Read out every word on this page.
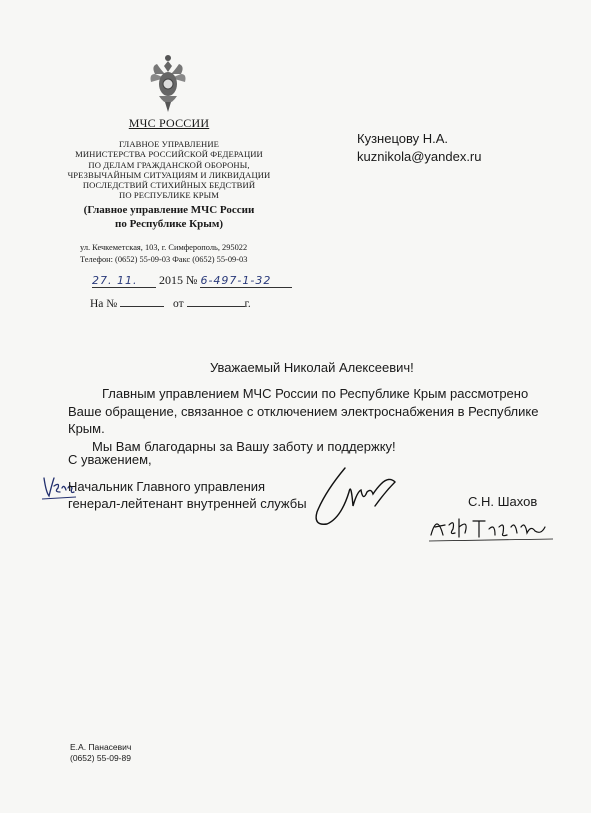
МЧС РОССИИ
ГЛАВНОЕ УПРАВЛЕНИЕ
МИНИСТЕРСТВА РОССИЙСКОЙ ФЕДЕРАЦИИ
ПО ДЕЛАМ ГРАЖДАНСКОЙ ОБОРОНЫ,
ЧРЕЗВЫЧАЙНЫМ СИТУАЦИЯМ И ЛИКВИДАЦИИ
ПОСЛЕДСТВИЙ СТИХИЙНЫХ БЕДСТВИЙ
ПО РЕСПУБЛИКЕ КРЫМ
(Главное управление МЧС России
по Республике Крым)
ул. Кечкеметская, 103, г. Симферополь, 295022
Телефон: (0652) 55-09-03 Факс (0652) 55-09-03
27. 11. 2015 № 6-497-1-32
На №	от	г.
Кузнецову Н.А.
kuznikola@yandex.ru
Уважаемый Николай Алексеевич!

Главным управлением МЧС России по Республике Крым рассмотрено Ваше обращение, связанное с отключением электроснабжения в Республике Крым.

Мы Вам благодарны за Вашу заботу и поддержку!

С уважением,
Начальник Главного управления
генерал-лейтенант внутренней службы	С.Н. Шахов
Е.А. Панасевич
(0652) 55-09-89
